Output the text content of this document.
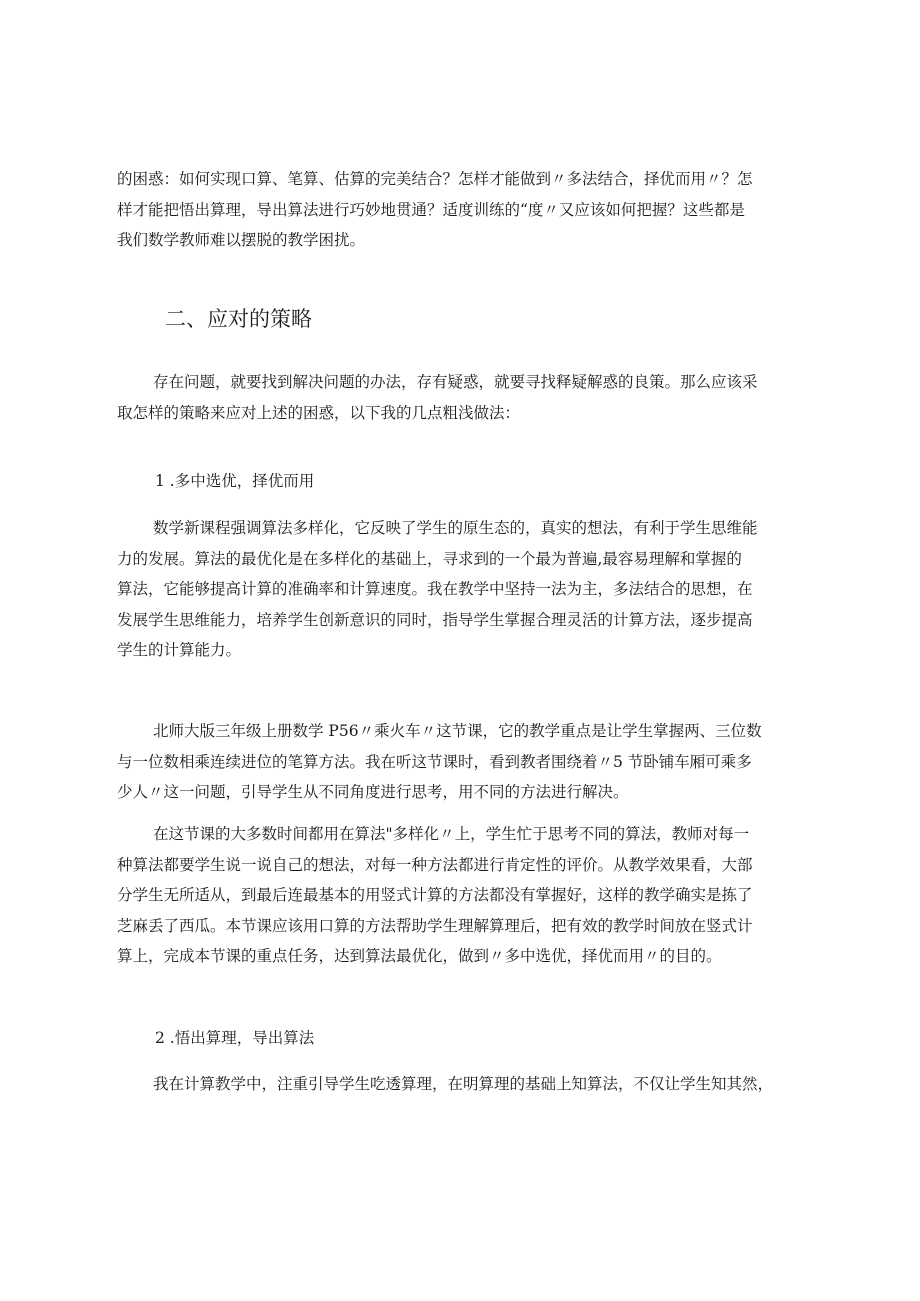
的困惑：如何实现口算、笔算、估算的完美结合？怎样才能做到〃多法结合，择优而用〃？怎
样才能把悟出算理，导出算法进行巧妙地贯通？适度训练的“度〃又应该如何把握？这些都是
我们数学教师难以摆脱的教学困扰。
二、应对的策略
存在问题，就要找到解决问题的办法，存有疑惑，就要寻找释疑解惑的良策。那么应该采
取怎样的策略来应对上述的困惑，以下我的几点粗浅做法：
1 .多中选优，择优而用
数学新课程强调算法多样化，它反映了学生的原生态的，真实的想法，有利于学生思维能
力的发展。算法的最优化是在多样化的基础上，寻求到的一个最为普遍,最容易理解和掌握的
算法，它能够提高计算的准确率和计算速度。我在教学中坚持一法为主，多法结合的思想，在
发展学生思维能力，培养学生创新意识的同时，指导学生掌握合理灵活的计算方法，逐步提高
学生的计算能力。
北师大版三年级上册数学 P56〃乘火车〃这节课，它的教学重点是让学生掌握两、三位数
与一位数相乘连续进位的笔算方法。我在听这节课时，看到教者围绕着〃5 节卧铺车厢可乘多
少人〃这一问题，引导学生从不同角度进行思考，用不同的方法进行解决。
在这节课的大多数时间都用在算法"多样化〃上，学生忙于思考不同的算法，教师对每一
种算法都要学生说一说自己的想法，对每一种方法都进行肯定性的评价。从教学效果看，大部
分学生无所适从，到最后连最基本的用竖式计算的方法都没有掌握好，这样的教学确实是拣了
芝麻丢了西瓜。本节课应该用口算的方法帮助学生理解算理后，把有效的教学时间放在竖式计
算上，完成本节课的重点任务，达到算法最优化，做到〃多中选优，择优而用〃的目的。
2 .悟出算理，导出算法
我在计算教学中，注重引导学生吃透算理，在明算理的基础上知算法，不仅让学生知其然，
